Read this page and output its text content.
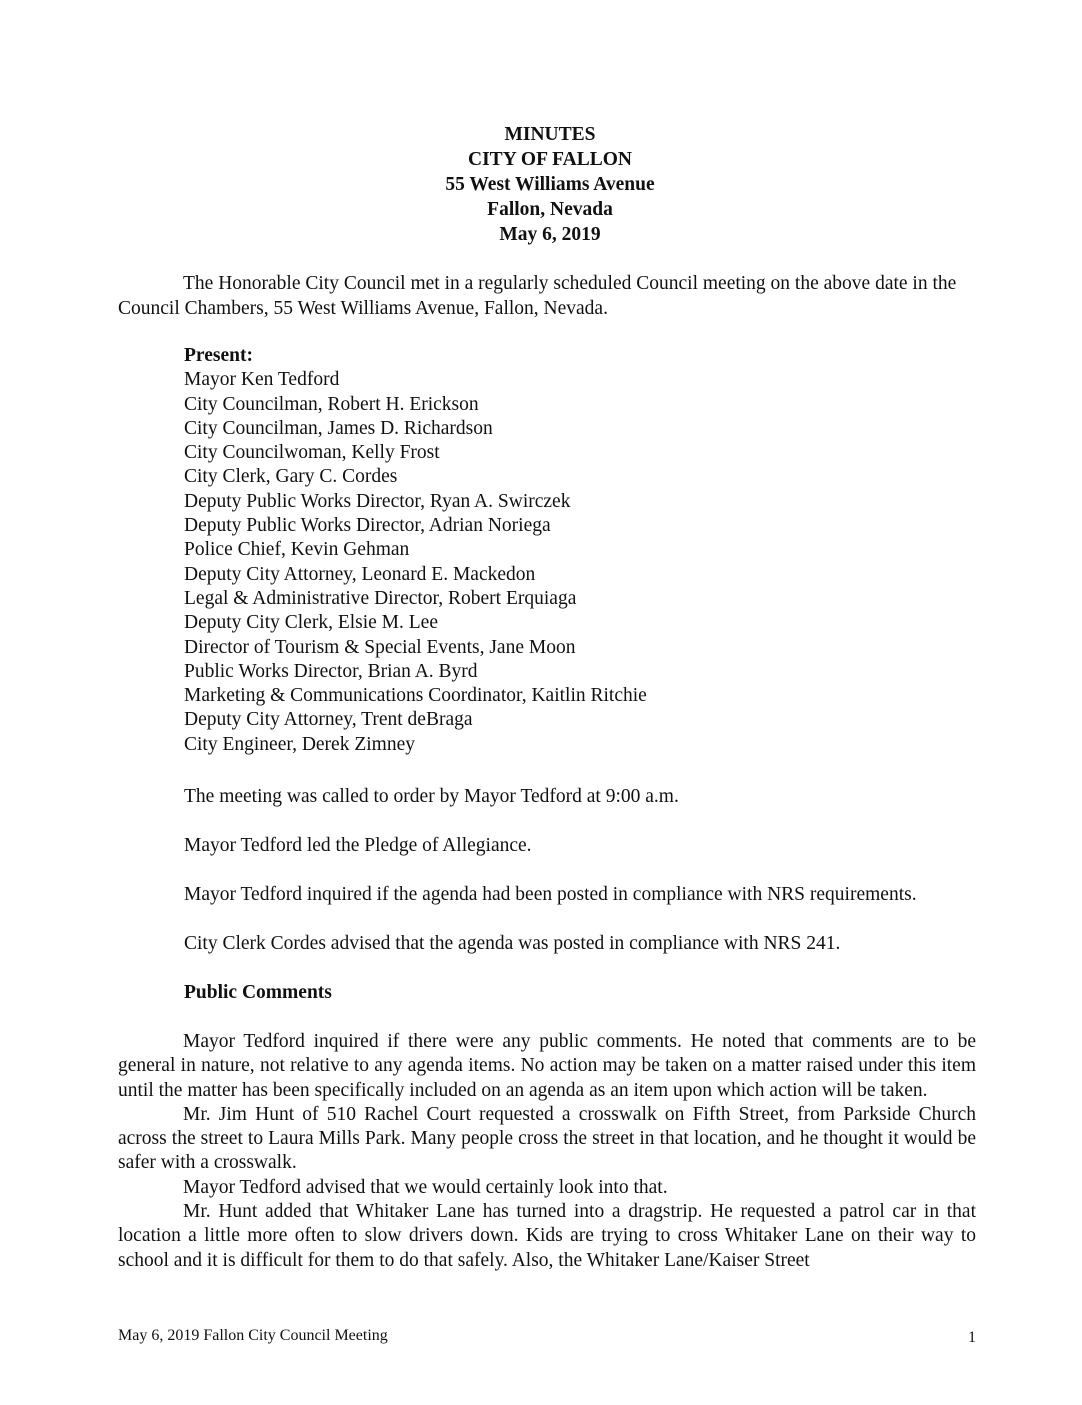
MINUTES
CITY OF FALLON
55 West Williams Avenue
Fallon, Nevada
May 6, 2019
The Honorable City Council met in a regularly scheduled Council meeting on the above date in the Council Chambers, 55 West Williams Avenue, Fallon, Nevada.
Present:
Mayor Ken Tedford
City Councilman, Robert H. Erickson
City Councilman, James D. Richardson
City Councilwoman, Kelly Frost
City Clerk, Gary C. Cordes
Deputy Public Works Director, Ryan A. Swirczek
Deputy Public Works Director, Adrian Noriega
Police Chief, Kevin Gehman
Deputy City Attorney, Leonard E. Mackedon
Legal & Administrative Director, Robert Erquiaga
Deputy City Clerk, Elsie M. Lee
Director of Tourism & Special Events, Jane Moon
Public Works Director, Brian A. Byrd
Marketing & Communications Coordinator, Kaitlin Ritchie
Deputy City Attorney, Trent deBraga
City Engineer, Derek Zimney
The meeting was called to order by Mayor Tedford at 9:00 a.m.
Mayor Tedford led the Pledge of Allegiance.
Mayor Tedford inquired if the agenda had been posted in compliance with NRS requirements.
City Clerk Cordes advised that the agenda was posted in compliance with NRS 241.
Public Comments

Mayor Tedford inquired if there were any public comments. He noted that comments are to be general in nature, not relative to any agenda items. No action may be taken on a matter raised under this item until the matter has been specifically included on an agenda as an item upon which action will be taken.

Mr. Jim Hunt of 510 Rachel Court requested a crosswalk on Fifth Street, from Parkside Church across the street to Laura Mills Park. Many people cross the street in that location, and he thought it would be safer with a crosswalk.

Mayor Tedford advised that we would certainly look into that.

Mr. Hunt added that Whitaker Lane has turned into a dragstrip. He requested a patrol car in that location a little more often to slow drivers down. Kids are trying to cross Whitaker Lane on their way to school and it is difficult for them to do that safely. Also, the Whitaker Lane/Kaiser Street

May 6, 2019 Fallon City Council Meeting	1
